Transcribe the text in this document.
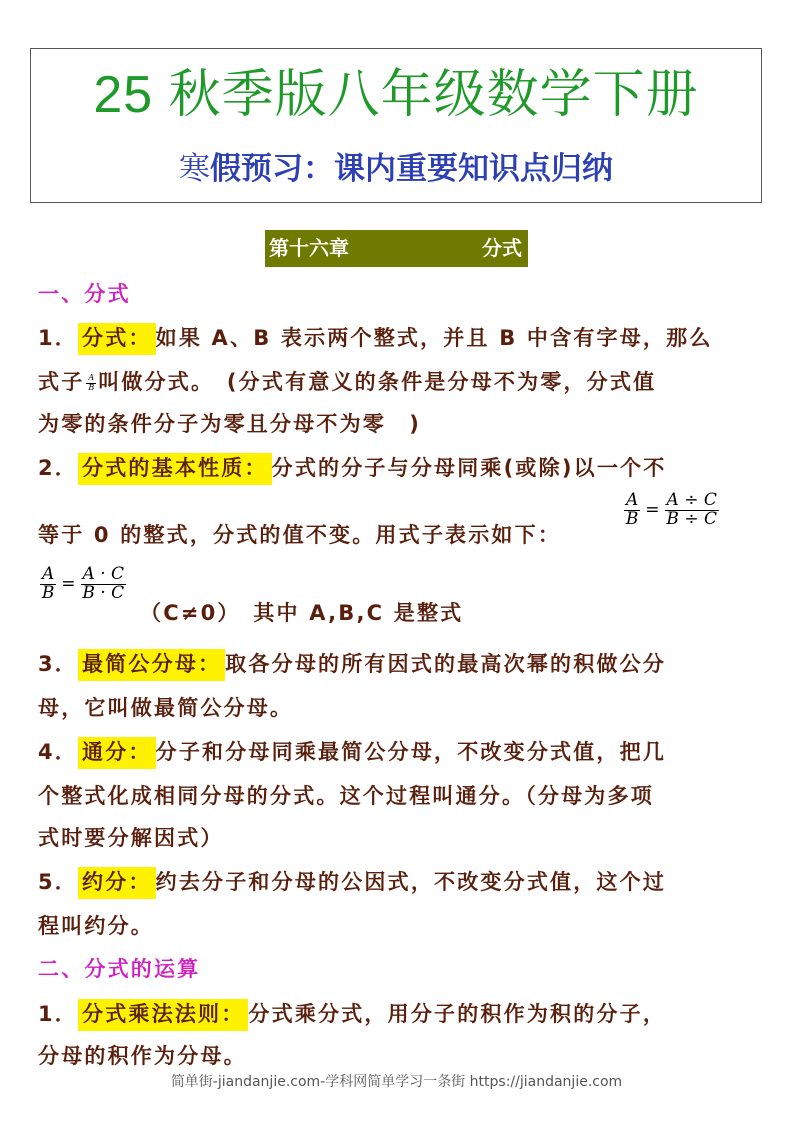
25 秋季版八年级数学下册
寒假预习：课内重要知识点归纳
第十六章	分式
一、分式
1． 分式： 如果 A、B 表示两个整式，并且 B 中含有字母，那么
式子 $\frac{A}{B}$ 叫做分式。　(分式有意义的条件是分母不为零，分式值
为零的条件分子为零且分母不为零　)
2． 分式的基本性质： 分式的分子与分母同乘(或除)以一个不
$\frac{A}{B} = \frac{A \div C}{B \div C}$
等于 0 的整式，分式的值不变。用式子表示如下：
$\frac{A}{B} = \frac{A \cdot C}{B \cdot C}$
（C≠0）　其中 A,B,C 是整式
3． 最简公分母： 取各分母的所有因式的最高次幂的积做公分
母，它叫做最简公分母。
4． 通分： 分子和分母同乘最简公分母，不改变分式值，把几
个整式化成相同分母的分式。这个过程叫通分。（分母为多项
式时要分解因式）
5． 约分： 约去分子和分母的公因式，不改变分式值，这个过
程叫约分。
二、分式的运算
1． 分式乘法法则： 分式乘分式，用分子的积作为积的分子，
分母的积作为分母。
简单街-jiandanjie.com-学科网简单学习一条街 https://jiandanjie.com
